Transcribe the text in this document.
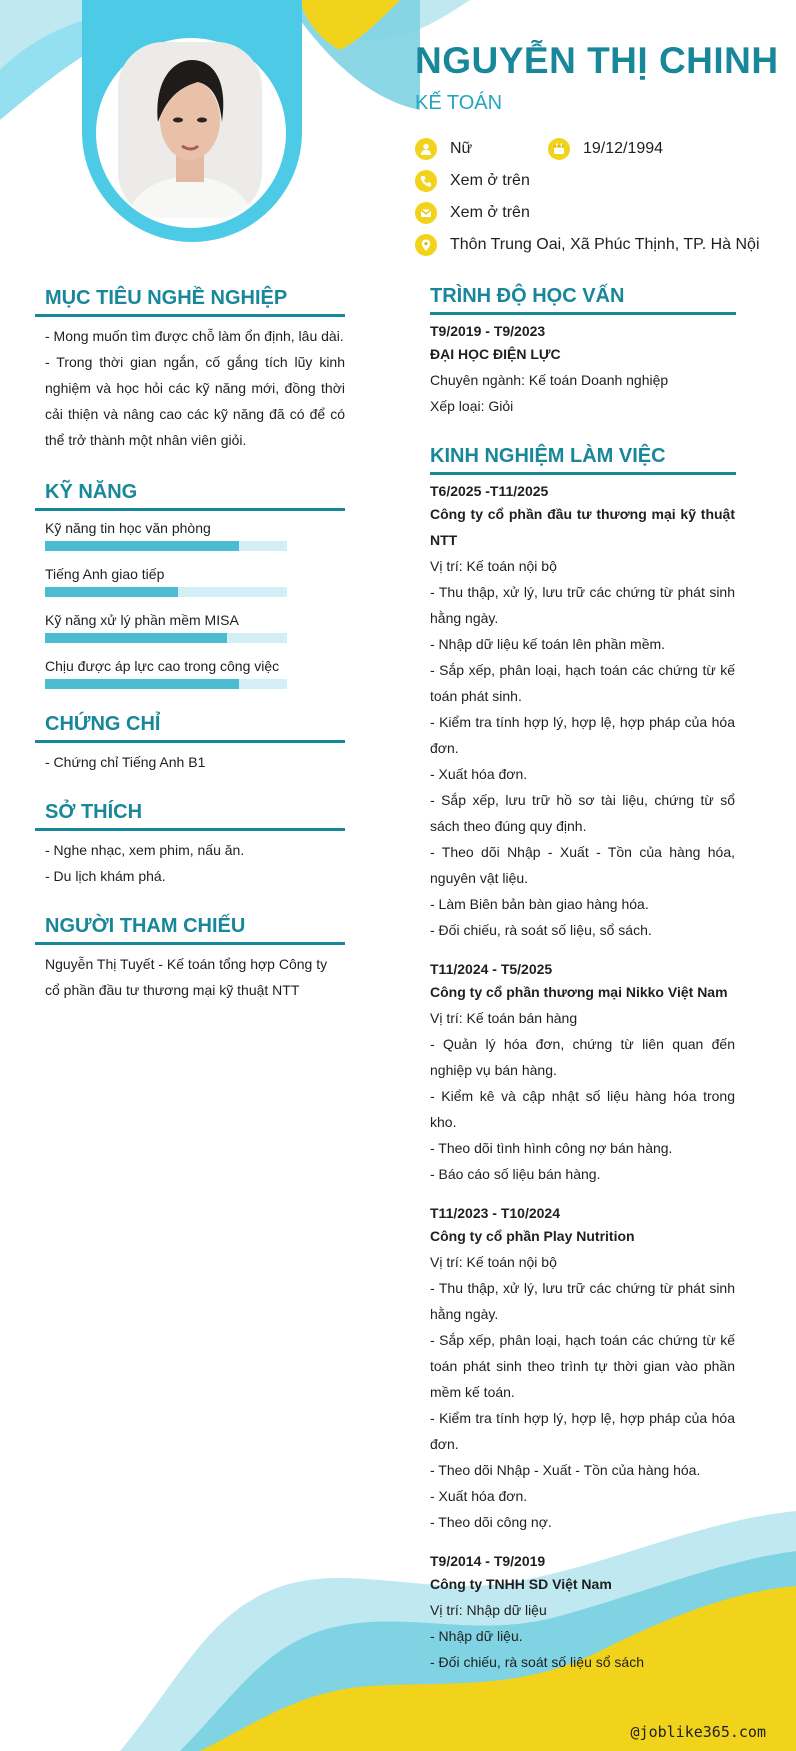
NGUYỄN THỊ CHINH
KẾ TOÁN
Nữ	19/12/1994
Xem ở trên
Xem ở trên
Thôn Trung Oai, Xã Phúc Thịnh, TP. Hà Nội
MỤC TIÊU NGHỀ NGHIỆP

- Mong muốn tìm được chỗ làm ổn định, lâu dài.

- Trong thời gian ngắn, cố gắng tích lũy kinh nghiệm và học hỏi các kỹ năng mới, đồng thời cải thiện và nâng cao các kỹ năng đã có để có thể trở thành một nhân viên giỏi.

KỸ NĂNG
Kỹ năng tin học văn phòng
Tiếng Anh giao tiếp
Kỹ năng xử lý phần mềm MISA
Chịu được áp lực cao trong công việc
CHỨNG CHỈ
- Chứng chỉ Tiếng Anh B1
SỞ THÍCH
- Nghe nhạc, xem phim, nấu ăn.
- Du lịch khám phá.
NGƯỜI THAM CHIẾU
Nguyễn Thị Tuyết - Kế toán tổng hợp Công ty cổ phần đầu tư thương mại kỹ thuật NTT
TRÌNH ĐỘ HỌC VẤN
T9/2019 - T9/2023
ĐẠI HỌC ĐIỆN LỰC
Chuyên ngành: Kế toán Doanh nghiệp
Xếp loại: Giỏi
KINH NGHIỆM LÀM VIỆC
T6/2025 -T11/2025
Công ty cổ phần đầu tư thương mại kỹ thuật NTT
Vị trí: Kế toán nội bộ
- Thu thập, xử lý, lưu trữ các chứng từ phát sinh hằng ngày.
- Nhập dữ liệu kế toán lên phần mềm.
- Sắp xếp, phân loại, hạch toán các chứng từ kế toán phát sinh.
- Kiểm tra tính hợp lý, hợp lệ, hợp pháp của hóa đơn.
- Xuất hóa đơn.
- Sắp xếp, lưu trữ hồ sơ tài liệu, chứng từ sổ sách theo đúng quy định.
- Theo dõi Nhập - Xuất - Tồn của hàng hóa, nguyên vật liệu.
- Làm Biên bản bàn giao hàng hóa.
- Đối chiếu, rà soát số liệu, sổ sách.
T11/2024 - T5/2025
Công ty cổ phần thương mại Nikko Việt Nam
Vị trí: Kế toán bán hàng
- Quản lý hóa đơn, chứng từ liên quan đến nghiệp vụ bán hàng.
- Kiểm kê và cập nhật số liệu hàng hóa trong kho.
- Theo dõi tình hình công nợ bán hàng.
- Báo cáo số liệu bán hàng.
T11/2023 - T10/2024
Công ty cổ phần Play Nutrition
Vị trí: Kế toán nội bộ
- Thu thập, xử lý, lưu trữ các chứng từ phát sinh hằng ngày.
- Sắp xếp, phân loại, hạch toán các chứng từ kế toán phát sinh theo trình tự thời gian vào phần mềm kế toán.
- Kiểm tra tính hợp lý, hợp lệ, hợp pháp của hóa đơn.
- Theo dõi Nhập - Xuất - Tồn của hàng hóa.
- Xuất hóa đơn.
- Theo dõi công nợ.
T9/2014 - T9/2019
Công ty TNHH SD Việt Nam
Vị trí: Nhập dữ liệu
- Nhập dữ liệu.
- Đối chiếu, rà soát số liệu sổ sách
@joblike365.com
